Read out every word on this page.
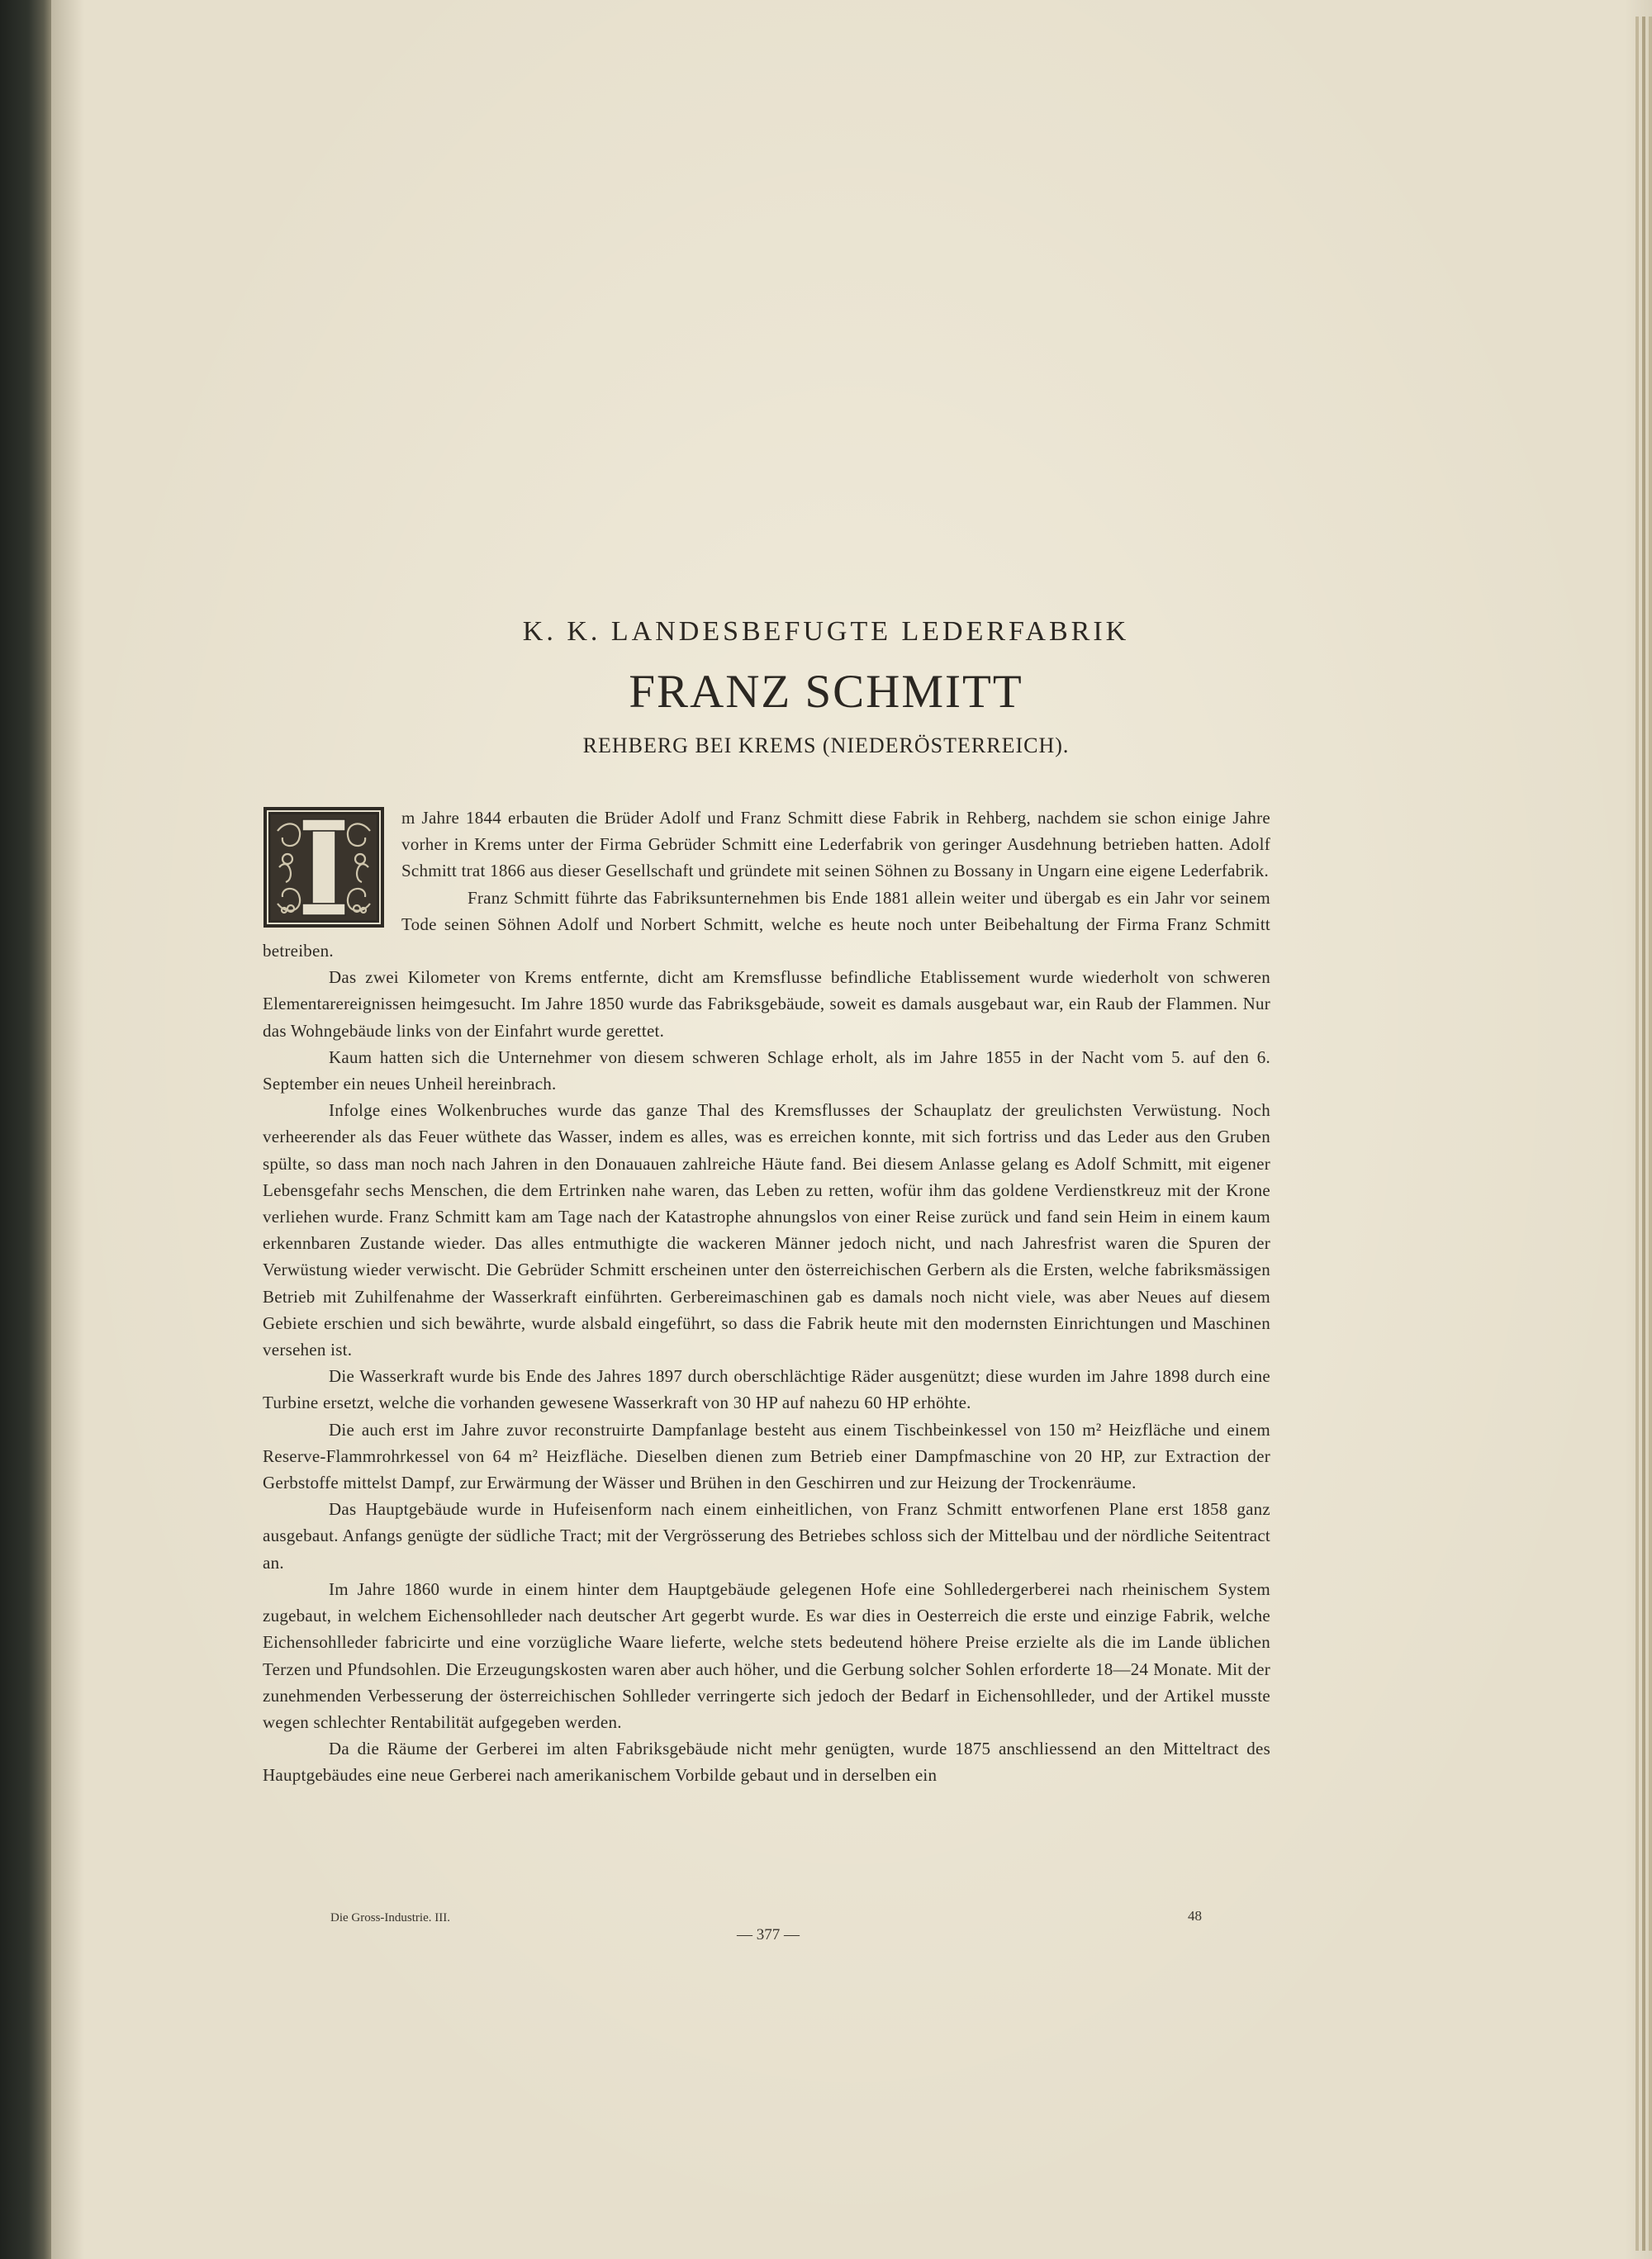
K. K. LANDESBEFUGTE LEDERFABRIK
FRANZ SCHMITT
REHBERG BEI KREMS (NIEDERÖSTERREICH).

I
m Jahre 1844 erbauten die Brüder Adolf und Franz Schmitt diese Fabrik in Rehberg, nachdem sie schon einige Jahre vorher in Krems unter der Firma Gebrüder Schmitt eine Lederfabrik von geringer Ausdehnung betrieben hatten. Adolf Schmitt trat 1866 aus dieser Gesellschaft und gründete mit seinen Söhnen zu Bossany in Ungarn eine eigene Lederfabrik.

Franz Schmitt führte das Fabriksunternehmen bis Ende 1881 allein weiter und übergab es ein Jahr vor seinem Tode seinen Söhnen Adolf und Norbert Schmitt, welche es heute noch unter Beibehaltung der Firma Franz Schmitt betreiben.

Das zwei Kilometer von Krems entfernte, dicht am Kremsflusse befindliche Etablissement wurde wiederholt von schweren Elementarereignissen heimgesucht. Im Jahre 1850 wurde das Fabriksgebäude, soweit es damals ausgebaut war, ein Raub der Flammen. Nur das Wohngebäude links von der Einfahrt wurde gerettet.

Kaum hatten sich die Unternehmer von diesem schweren Schlage erholt, als im Jahre 1855 in der Nacht vom 5. auf den 6. September ein neues Unheil hereinbrach.

Infolge eines Wolkenbruches wurde das ganze Thal des Kremsflusses der Schauplatz der greulichsten Verwüstung. Noch verheerender als das Feuer wüthete das Wasser, indem es alles, was es erreichen konnte, mit sich fortriss und das Leder aus den Gruben spülte, so dass man noch nach Jahren in den Donauauen zahlreiche Häute fand. Bei diesem Anlasse gelang es Adolf Schmitt, mit eigener Lebensgefahr sechs Menschen, die dem Ertrinken nahe waren, das Leben zu retten, wofür ihm das goldene Verdienstkreuz mit der Krone verliehen wurde. Franz Schmitt kam am Tage nach der Katastrophe ahnungslos von einer Reise zurück und fand sein Heim in einem kaum erkennbaren Zustande wieder. Das alles entmuthigte die wackeren Männer jedoch nicht, und nach Jahresfrist waren die Spuren der Verwüstung wieder verwischt. Die Gebrüder Schmitt erscheinen unter den österreichischen Gerbern als die Ersten, welche fabriksmässigen Betrieb mit Zuhilfenahme der Wasserkraft einführten. Gerbereimaschinen gab es damals noch nicht viele, was aber Neues auf diesem Gebiete erschien und sich bewährte, wurde alsbald eingeführt, so dass die Fabrik heute mit den modernsten Einrichtungen und Maschinen versehen ist.

Die Wasserkraft wurde bis Ende des Jahres 1897 durch oberschlächtige Räder ausgenützt; diese wurden im Jahre 1898 durch eine Turbine ersetzt, welche die vorhanden gewesene Wasserkraft von 30 HP auf nahezu 60 HP erhöhte.

Die auch erst im Jahre zuvor reconstruirte Dampfanlage besteht aus einem Tischbeinkessel von 150 m² Heizfläche und einem Reserve-Flammrohrkessel von 64 m² Heizfläche. Dieselben dienen zum Betrieb einer Dampfmaschine von 20 HP, zur Extraction der Gerbstoffe mittelst Dampf, zur Erwärmung der Wässer und Brühen in den Geschirren und zur Heizung der Trockenräume.

Das Hauptgebäude wurde in Hufeisenform nach einem einheitlichen, von Franz Schmitt entworfenen Plane erst 1858 ganz ausgebaut. Anfangs genügte der südliche Tract; mit der Vergrösserung des Betriebes schloss sich der Mittelbau und der nördliche Seitentract an.

Im Jahre 1860 wurde in einem hinter dem Hauptgebäude gelegenen Hofe eine Sohlledergerberei nach rheinischem System zugebaut, in welchem Eichensohlleder nach deutscher Art gegerbt wurde. Es war dies in Oesterreich die erste und einzige Fabrik, welche Eichensohlleder fabricirte und eine vorzügliche Waare lieferte, welche stets bedeutend höhere Preise erzielte als die im Lande üblichen Terzen und Pfundsohlen. Die Erzeugungskosten waren aber auch höher, und die Gerbung solcher Sohlen erforderte 18—24 Monate. Mit der zunehmenden Verbesserung der österreichischen Sohlleder verringerte sich jedoch der Bedarf in Eichensohlleder, und der Artikel musste wegen schlechter Rentabilität aufgegeben werden.

Da die Räume der Gerberei im alten Fabriksgebäude nicht mehr genügten, wurde 1875 anschliessend an den Mitteltract des Hauptgebäudes eine neue Gerberei nach amerikanischem Vorbilde gebaut und in derselben ein

Die Gross-Industrie. III.	48
— 377 —
